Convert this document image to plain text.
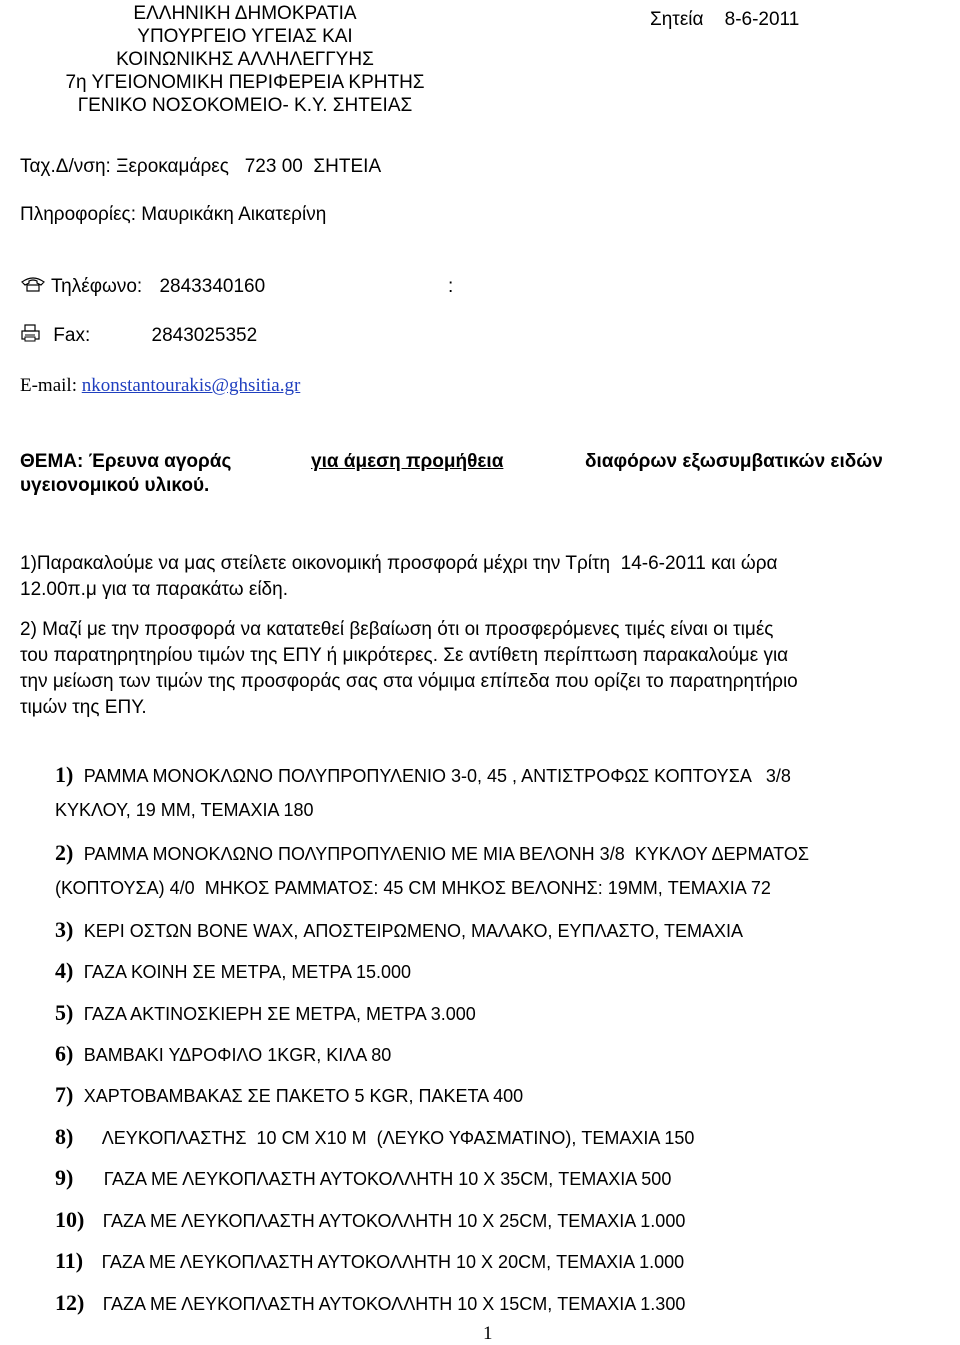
ΕΛΛΗΝΙΚΗ ΔΗΜΟΚΡΑΤΙΑ
ΥΠΟΥΡΓΕΙΟ ΥΓΕΙΑΣ ΚΑΙ
ΚΟΙΝΩΝΙΚΗΣ ΑΛΛΗΛΕΓΓΥΗΣ
7η ΥΓΕΙΟΝΟΜΙΚΗ ΠΕΡΙΦΕΡΕΙΑ ΚΡΗΤΗΣ
ΓΕΝΙΚΟ ΝΟΣΟΚΟΜΕΙΟ- Κ.Υ. ΣΗΤΕΙΑΣ
Σητεία 8-6-2011
Ταχ.Δ/νση: Ξεροκαμάρες   723 00  ΣΗΤΕΙΑ
Πληροφορίες: Μαυρικάκη Αικατερίνη
Τηλέφωνο: 2843340160	:
Fax:	2843025352
E-mail: nkonstantourakis@ghsitia.gr
ΘΕΜΑ: Έρευνα αγοράς	για άμεση προμήθεια	διαφόρων εξωσυμβατικών ειδών
υγειονομικού υλικού.
1)Παρακαλούμε να μας στείλετε οικονομική προσφορά μέχρι την Τρίτη  14-6-2011 και ώρα
12.00π.μ για τα παρακάτω είδη.
2) Μαζί με την προσφορά να κατατεθεί βεβαίωση ότι οι προσφερόμενες τιμές είναι οι τιμές
του παρατηρητηρίου τιμών της ΕΠΥ ή μικρότερες. Σε αντίθετη περίπτωση παρακαλούμε για
την μείωση των τιμών της προσφοράς σας στα νόμιμα επίπεδα που ορίζει το παρατηρητήριο
τιμών της ΕΠΥ.
1) ΡΑΜΜΑ ΜΟΝΟΚΛΩΝΟ ΠΟΛΥΠΡΟΠΥΛΕΝΙΟ 3-0, 45 , ΑΝΤΙΣΤΡΟΦΩΣ ΚΟΠΤΟΥΣΑ   3/8
ΚΥΚΛΟΥ, 19 ΜΜ, ΤΕΜΑΧΙΑ 180
2) ΡΑΜΜΑ ΜΟΝΟΚΛΩΝΟ ΠΟΛΥΠΡΟΠΥΛΕΝΙΟ ΜΕ ΜΙΑ ΒΕΛΟΝΗ 3/8  ΚΥΚΛΟΥ ΔΕΡΜΑΤΟΣ
(ΚΟΠΤΟΥΣΑ) 4/0  ΜΗΚΟΣ ΡΑΜΜΑΤΟΣ: 45 CM ΜΗΚΟΣ ΒΕΛΟΝΗΣ: 19MM, ΤΕΜΑΧΙΑ 72
3) ΚΕΡΙ ΟΣΤΩΝ BONE WAX, ΑΠΟΣΤΕΙΡΩΜΕΝΟ, ΜΑΛΑΚΟ, ΕΥΠΛΑΣΤΟ, ΤΕΜΑΧΙΑ
4) ΓΑΖΑ ΚΟΙΝΗ ΣΕ ΜΕΤΡΑ, ΜΕΤΡΑ 15.000
5) ΓΑΖΑ ΑΚΤΙΝΟΣΚΙΕΡΗ ΣΕ ΜΕΤΡΑ, ΜΕΤΡΑ 3.000
6) ΒΑΜΒΑΚΙ ΥΔΡΟΦΙΛΟ 1KGR, ΚΙΛΑ 80
7) ΧΑΡΤΟΒΑΜΒΑΚΑΣ ΣΕ ΠΑΚΕΤΟ 5 KGR, ΠΑΚΕΤΑ 400
8) ΛΕΥΚΟΠΛΑΣΤΗΣ  10 CM X10 M  (ΛΕΥΚΟ ΥΦΑΣΜΑΤΙΝΟ), ΤΕΜΑΧΙΑ 150
9) ΓΑΖΑ ΜΕ ΛΕΥΚΟΠΛΑΣΤΗ ΑΥΤΟΚΟΛΛΗΤΗ 10 Χ 35CM, ΤΕΜΑΧΙΑ 500
10) ΓΑΖΑ ΜΕ ΛΕΥΚΟΠΛΑΣΤΗ ΑΥΤΟΚΟΛΛΗΤΗ 10 Χ 25CM, ΤΕΜΑΧΙΑ 1.000
11) ΓΑΖΑ ΜΕ ΛΕΥΚΟΠΛΑΣΤΗ ΑΥΤΟΚΟΛΛΗΤΗ 10 Χ 20CM, ΤΕΜΑΧΙΑ 1.000
12) ΓΑΖΑ ΜΕ ΛΕΥΚΟΠΛΑΣΤΗ ΑΥΤΟΚΟΛΛΗΤΗ 10 Χ 15CM, ΤΕΜΑΧΙΑ 1.300
1
